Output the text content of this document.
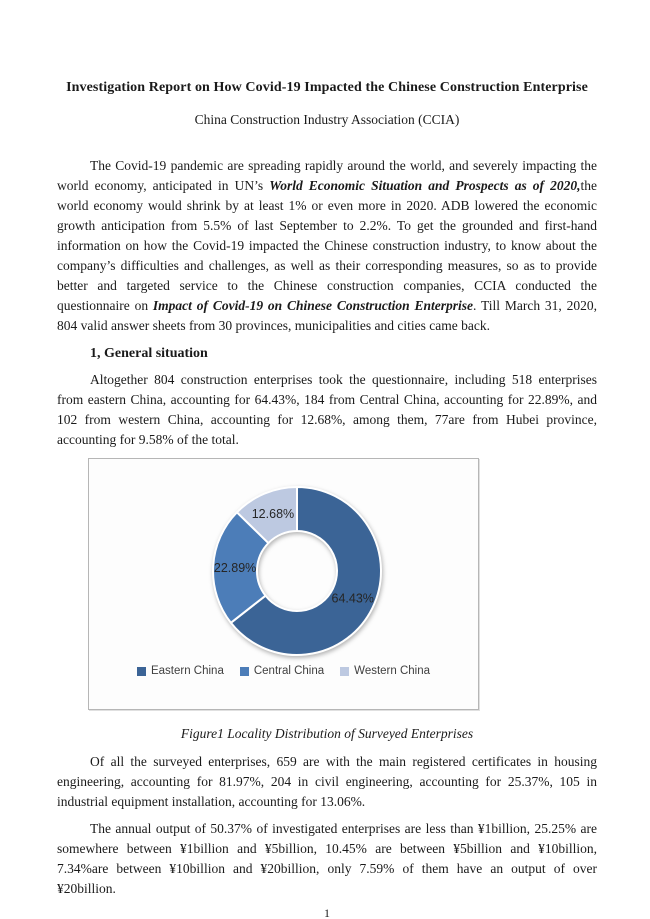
Investigation Report on How Covid-19 Impacted the Chinese Construction Enterprise
China Construction Industry Association (CCIA)

The Covid-19 pandemic are spreading rapidly around the world, and severely impacting the world economy, anticipated in UN’s World Economic Situation and Prospects as of 2020,the world economy would shrink by at least 1% or even more in 2020. ADB lowered the economic growth anticipation from 5.5% of last September to 2.2%. To get the grounded and first-hand information on how the Covid-19 impacted the Chinese construction industry, to know about the company’s difficulties and challenges, as well as their corresponding measures, so as to provide better and targeted service to the Chinese construction companies, CCIA conducted the questionnaire on Impact of Covid-19 on Chinese Construction Enterprise. Till March 31, 2020, 804 valid answer sheets from 30 provinces, municipalities and cities came back.

1, General situation

Altogether 804 construction enterprises took the questionnaire, including 518 enterprises from eastern China, accounting for 64.43%, 184 from Central China, accounting for 22.89%, and 102 from western China, accounting for 12.68%, among them, 77are from Hubei province, accounting for 9.58% of the total.

64.43%
22.89%
12.68%
Eastern China	Central China	Western China
Figure1 Locality Distribution of Surveyed Enterprises

Of all the surveyed enterprises, 659 are with the main registered certificates in housing engineering, accounting for 81.97%, 204 in civil engineering, accounting for 25.37%, 105 in industrial equipment installation, accounting for 13.06%.

The annual output of 50.37% of investigated enterprises are less than ¥1billion, 25.25% are somewhere between ¥1billion and ¥5billion, 10.45% are between ¥5billion and ¥10billion, 7.34%are between ¥10billion and ¥20billion, only 7.59% of them have an output of over ¥20billion.

1
